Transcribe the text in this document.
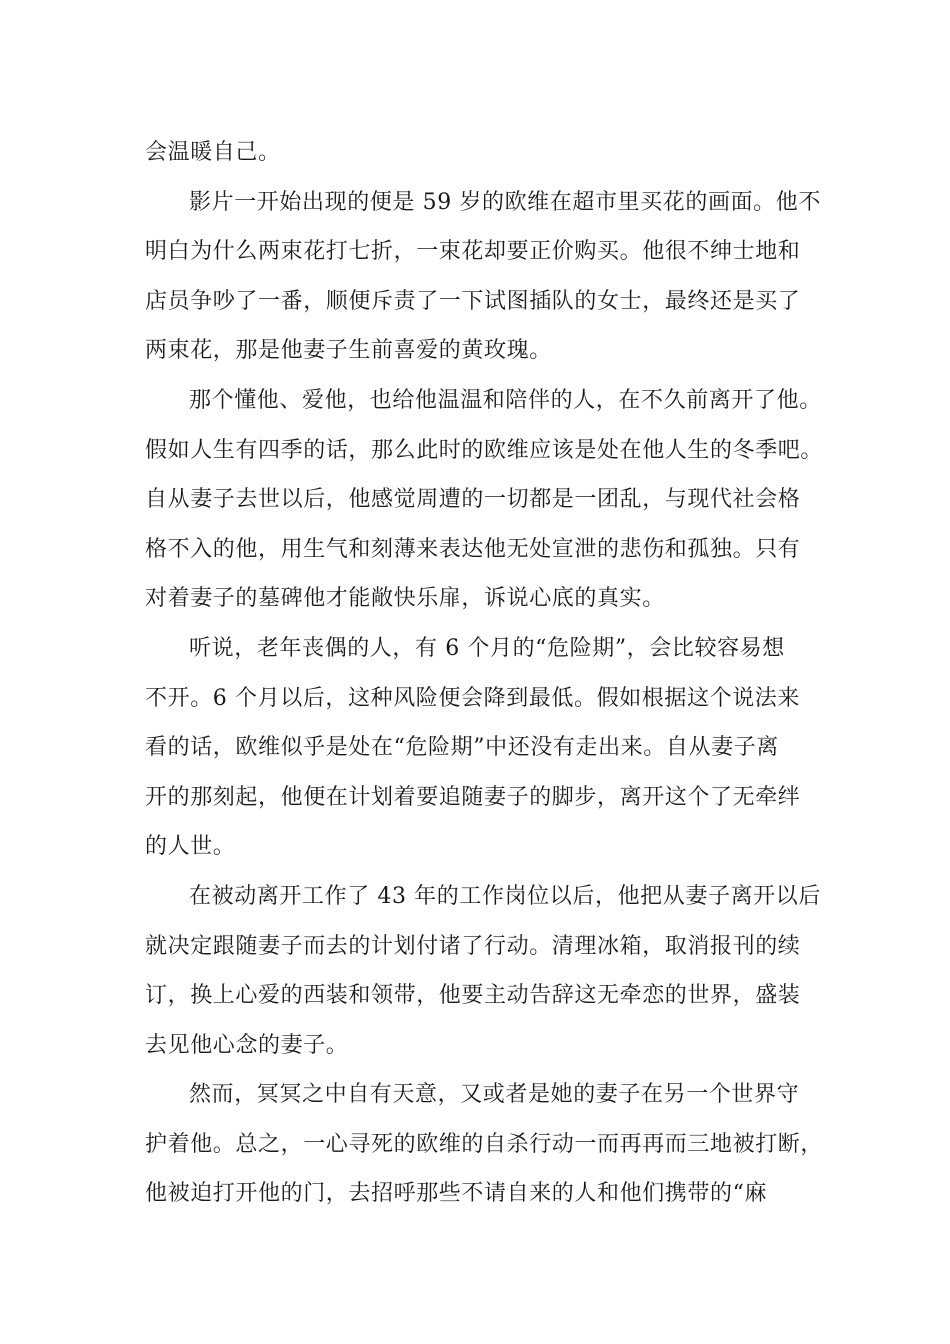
会温暖自己。
影片一开始出现的便是 59 岁的欧维在超市里买花的画面。他不
明白为什么两束花打七折，一束花却要正价购买。他很不绅士地和
店员争吵了一番，顺便斥责了一下试图插队的女士，最终还是买了
两束花，那是他妻子生前喜爱的黄玫瑰。
那个懂他、爱他，也给他温温和陪伴的人，在不久前离开了他。
假如人生有四季的话，那么此时的欧维应该是处在他人生的冬季吧。
自从妻子去世以后，他感觉周遭的一切都是一团乱，与现代社会格
格不入的他，用生气和刻薄来表达他无处宣泄的悲伤和孤独。只有
对着妻子的墓碑他才能敞快乐扉，诉说心底的真实。
听说，老年丧偶的人，有 6 个月的“危险期”，会比较容易想
不开。6 个月以后，这种风险便会降到最低。假如根据这个说法来
看的话，欧维似乎是处在“危险期”中还没有走出来。自从妻子离
开的那刻起，他便在计划着要追随妻子的脚步，离开这个了无牵绊
的人世。
在被动离开工作了 43 年的工作岗位以后，他把从妻子离开以后
就决定跟随妻子而去的计划付诸了行动。清理冰箱，取消报刊的续
订，换上心爱的西装和领带，他要主动告辞这无牵恋的世界，盛装
去见他心念的妻子。
然而，冥冥之中自有天意，又或者是她的妻子在另一个世界守
护着他。总之，一心寻死的欧维的自杀行动一而再再而三地被打断，
他被迫打开他的门，去招呼那些不请自来的人和他们携带的“麻
